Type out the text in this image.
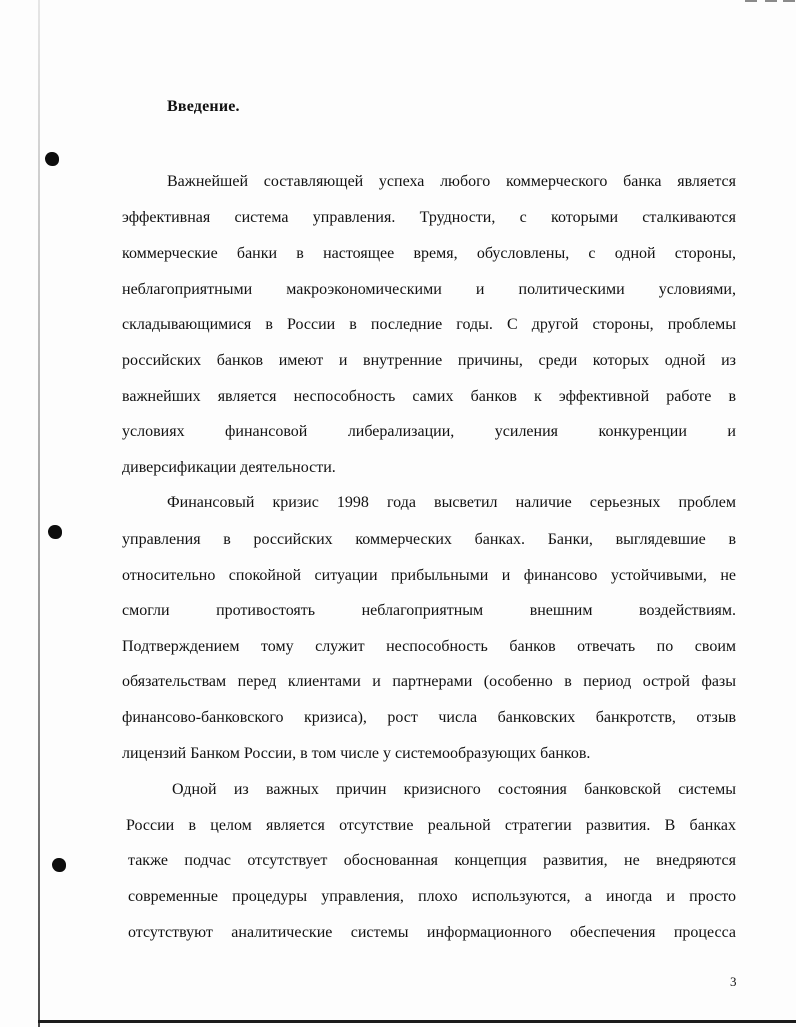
Введение.
Важнейшей составляющей успеха любого коммерческого банка является
эффективная система управления. Трудности, с которыми сталкиваются
коммерческие банки в настоящее время, обусловлены, с одной стороны,
неблагоприятными макроэкономическими и политическими условиями,
складывающимися в России в последние годы. С другой стороны, проблемы
российских банков имеют и внутренние причины, среди которых одной из
важнейших является неспособность самих банков к эффективной работе в
условиях финансовой либерализации, усиления конкуренции и
диверсификации деятельности.
Финансовый кризис 1998 года высветил наличие серьезных проблем
управления в российских коммерческих банках. Банки, выглядевшие в
относительно спокойной ситуации прибыльными и финансово устойчивыми, не
смогли противостоять неблагоприятным внешним воздействиям.
Подтверждением тому служит неспособность банков отвечать по своим
обязательствам перед клиентами и партнерами (особенно в период острой фазы
финансово-банковского кризиса), рост числа банковских банкротств, отзыв
лицензий Банком России, в том числе у системообразующих банков.
Одной из важных причин кризисного состояния банковской системы
России в целом является отсутствие реальной стратегии развития. В банках
также подчас отсутствует обоснованная концепция развития, не внедряются
современные процедуры управления, плохо используются, а иногда и просто
отсутствуют аналитические системы информационного обеспечения процесса
3
